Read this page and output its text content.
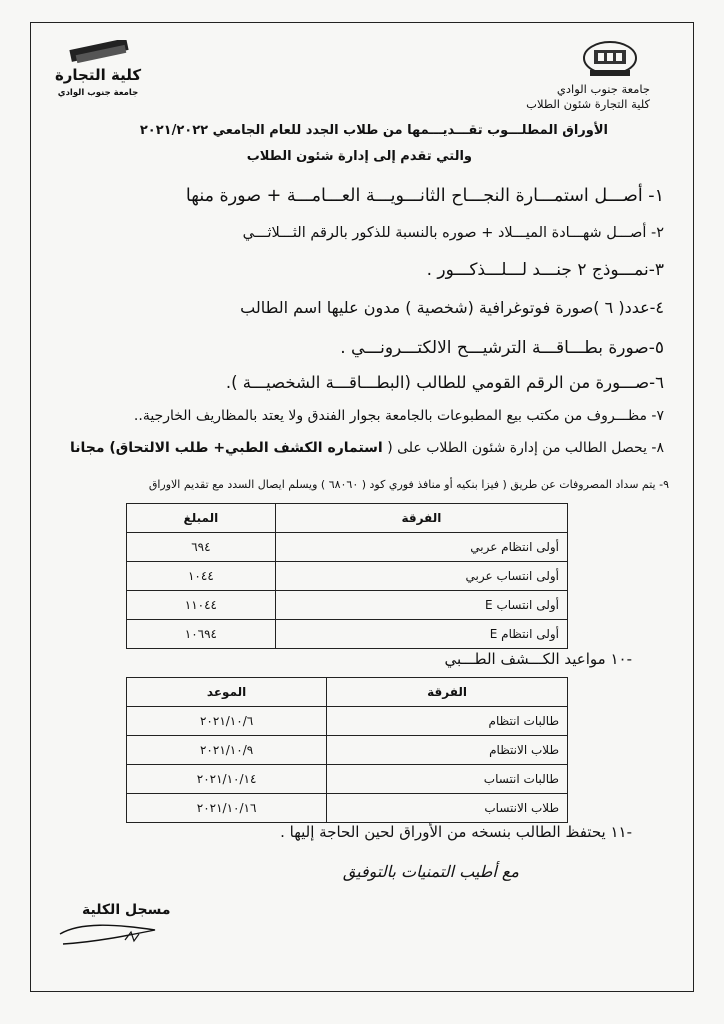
كلية التجارة
جامعة جنوب الوادي	جامعة جنوب الوادي
كلية التجارة شئون الطلاب
الأوراق المطلـــوب تقـــديـــمها من طلاب الجدد للعام الجامعي ٢٠٢١/٢٠٢٢
والتي تقدم إلى إدارة شئون الطلاب
١- أصـــل استمـــارة النجـــاح الثانـــويـــة العـــامـــة + صورة منها
٢- أصـــل شهـــادة الميـــلاد + صوره بالنسبة للذكور بالرقم الثـــلاثـــي
٣-نمـــوذج ٢ جنـــد لـــلـــذكـــور .
٤-عدد( ٦ )صورة فوتوغرافية (شخصية ) مدون عليها اسم الطالب
٥-صورة بطـــاقـــة الترشيـــح الالكتـــرونـــي .
٦-صـــورة من الرقم القومي للطالب (البطـــاقـــة الشخصيـــة ).
٧- مظـــروف من مكتب بيع المطبوعات بالجامعة بجوار الفندق ولا يعتد بالمظاريف الخارجية..
٨- يحصل الطالب من إدارة شئون الطلاب على ( استماره الكشف الطبي+ طلب الالتحاق) مجانا
٩- يتم سداد المصروفات عن طريق ( فيزا بنكيه أو منافذ فوري كود ( ٦٨٠٦٠ ) ويسلم ايصال السدد مع تقديم الاوراق
المبلغ	الفرقة
٦٩٤	أولى انتظام عربي
١٠٤٤	أولى انتساب عربي
١١٠٤٤	أولى انتساب E
١٠٦٩٤	أولى انتظام E
-١٠ مواعيد الكـــشف الطـــبي
الموعد	الفرقة
٢٠٢١/١٠/٦	طالبات انتظام
٢٠٢١/١٠/٩	طلاب الانتظام
٢٠٢١/١٠/١٤	طالبات انتساب
٢٠٢١/١٠/١٦	طلاب الانتساب
-١١ يحتفظ الطالب بنسخه من الأوراق لحين الحاجة إليها .
مع أطيب التمنيات بالتوفيق
مسجل الكلية
